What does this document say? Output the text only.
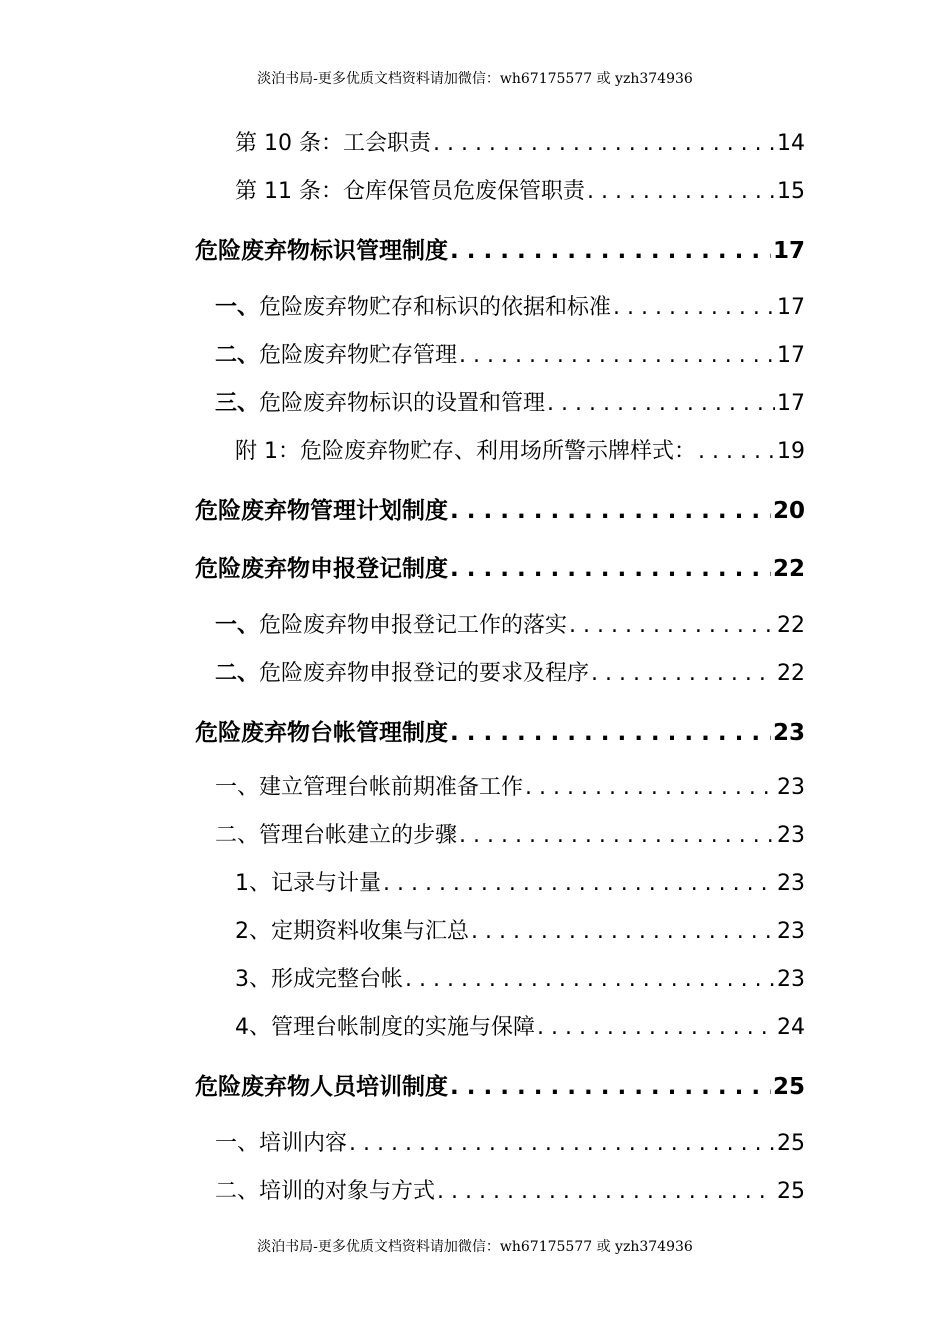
淡泊书局-更多优质文档资料请加微信：wh67175577 或 yzh374936
第 10 条：工会职责 . . .	14
第 11 条：仓库保管员危废保管职责 . . .	15
危险废弃物标识管理制度 . . .	17
一、 危险废弃物贮存和标识的依据和标准 . . .	17
二、 危险废弃物贮存管理 . . .	17
三、 危险废弃物标识的设置和管理 . . .	17
附 1：危险废弃物贮存、利用场所警示牌样式： . . .	19
危险废弃物管理计划制度 . . .	20
危险废弃物申报登记制度 . . .	22
一、 危险废弃物申报登记工作的落实 . . .	22
二、 危险废弃物申报登记的要求及程序 . . .	22
危险废弃物台帐管理制度 . . .	23
一、 建立管理台帐前期准备工作 . . .	23
二、 管理台帐建立的步骤 . . .	23
1、记录与计量 . . .	23
2、定期资料收集与汇总 . . .	23
3、形成完整台帐 . . .	23
4、管理台帐制度的实施与保障 . . .	24
危险废弃物人员培训制度 . . .	25
一、 培训内容 . . .	25
二、 培训的对象与方式 . . .	25
淡泊书局-更多优质文档资料请加微信：wh67175577 或 yzh374936
